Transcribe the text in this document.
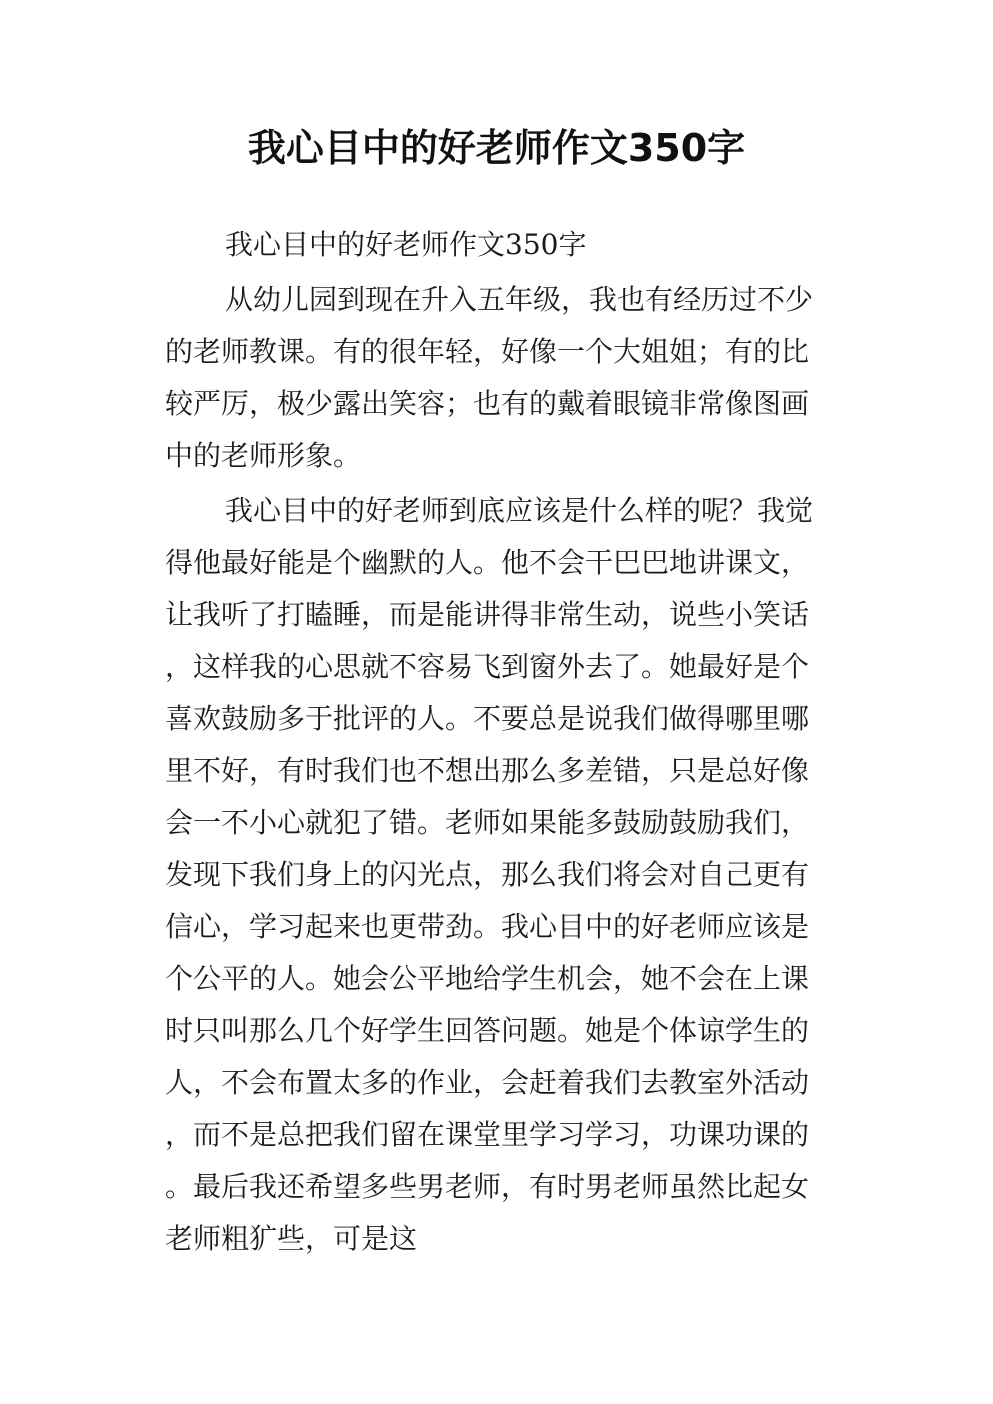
我心目中的好老师作文350字

我心目中的好老师作文350字

从幼儿园到现在升入五年级，我也有经历过不少的老师教课。有的很年轻，好像一个大姐姐；有的比较严厉，极少露出笑容；也有的戴着眼镜非常像图画中的老师形象。

我心目中的好老师到底应该是什么样的呢？我觉得他最好能是个幽默的人。他不会干巴巴地讲课文，让我听了打瞌睡，而是能讲得非常生动，说些小笑话，这样我的心思就不容易飞到窗外去了。她最好是个喜欢鼓励多于批评的人。不要总是说我们做得哪里哪里不好，有时我们也不想出那么多差错，只是总好像会一不小心就犯了错。老师如果能多鼓励鼓励我们，发现下我们身上的闪光点，那么我们将会对自己更有信心，学习起来也更带劲。我心目中的好老师应该是个公平的人。她会公平地给学生机会，她不会在上课时只叫那么几个好学生回答问题。她是个体谅学生的人，不会布置太多的作业，会赶着我们去教室外活动，而不是总把我们留在课堂里学习学习，功课功课的。最后我还希望多些男老师，有时男老师虽然比起女老师粗犷些，可是这
